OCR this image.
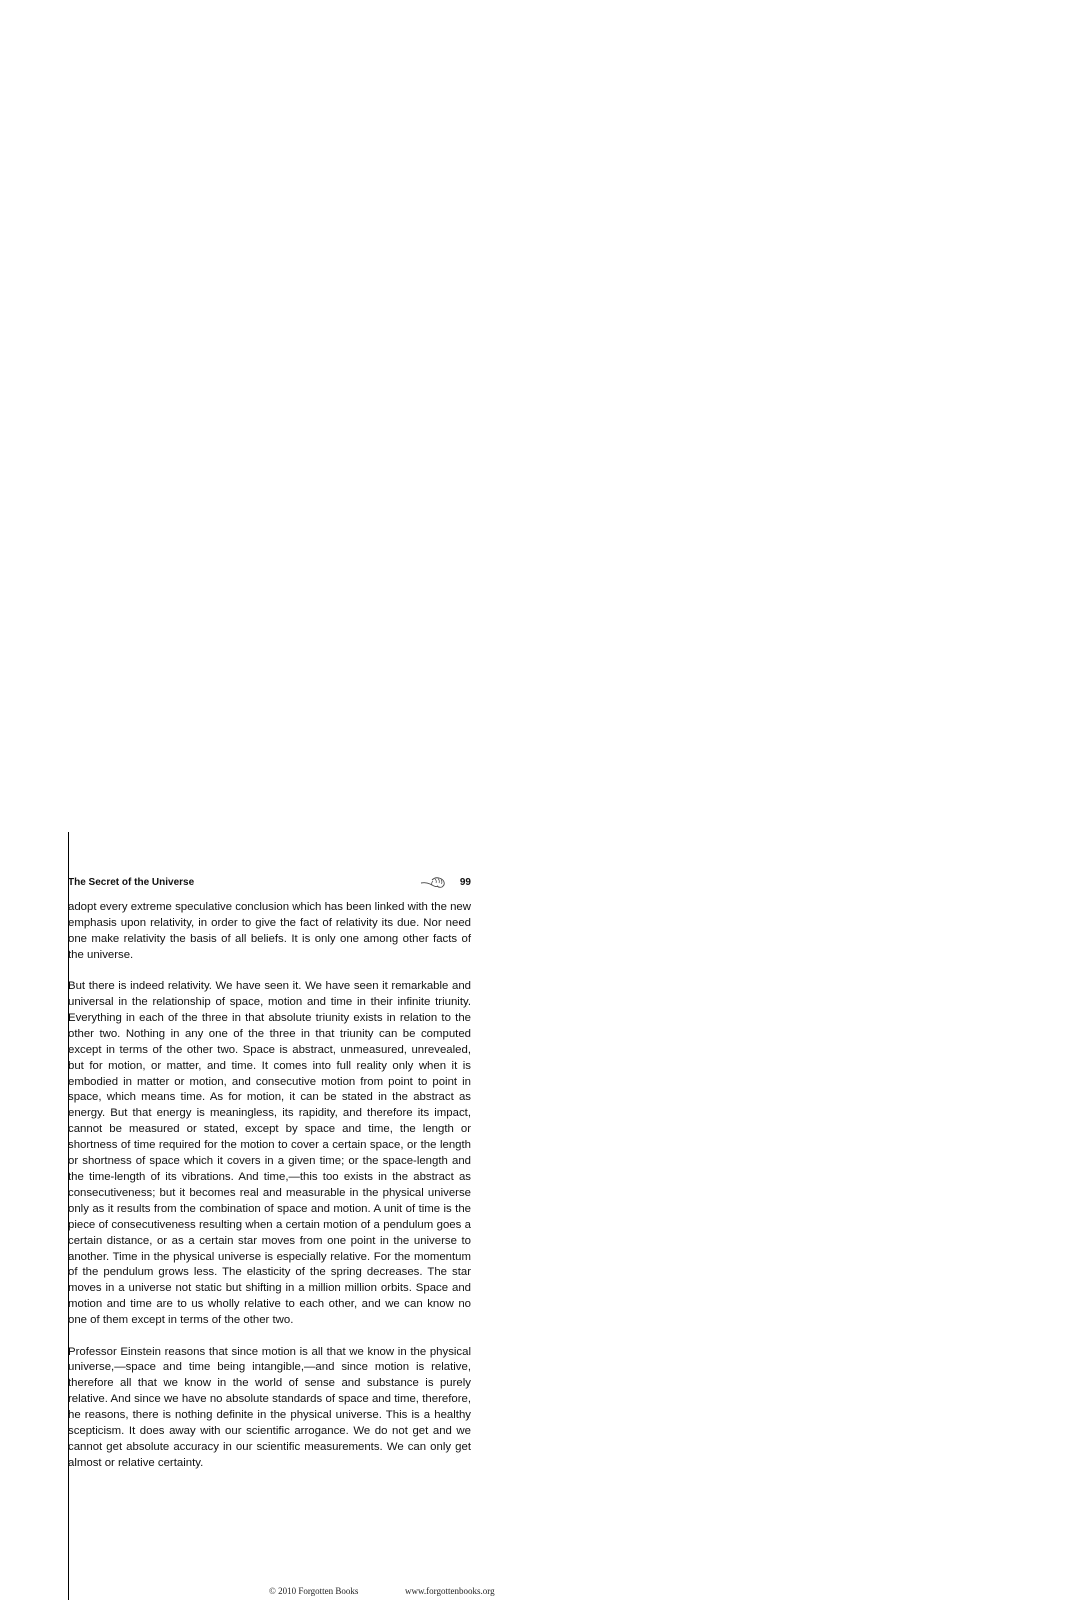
The Secret of the Universe	99

adopt every extreme speculative conclusion which has been linked with the new emphasis upon relativity, in order to give the fact of relativity its due. Nor need one make relativity the basis of all beliefs. It is only one among other facts of the universe.

But there is indeed relativity. We have seen it. We have seen it remarkable and universal in the relationship of space, motion and time in their infinite triunity. Everything in each of the three in that absolute triunity exists in relation to the other two. Nothing in any one of the three in that triunity can be computed except in terms of the other two. Space is abstract, unmeasured, unrevealed, but for motion, or matter, and time. It comes into full reality only when it is embodied in matter or motion, and consecutive motion from point to point in space, which means time. As for motion, it can be stated in the abstract as energy. But that energy is meaningless, its rapidity, and therefore its impact, cannot be measured or stated, except by space and time, the length or shortness of time required for the motion to cover a certain space, or the length or shortness of space which it covers in a given time; or the space-length and the time-length of its vibrations. And time,—this too exists in the abstract as consecutiveness; but it becomes real and measurable in the physical universe only as it results from the combination of space and motion. A unit of time is the piece of consecutiveness resulting when a certain motion of a pendulum goes a certain distance, or as a certain star moves from one point in the universe to another. Time in the physical universe is especially relative. For the momentum of the pendulum grows less. The elasticity of the spring decreases. The star moves in a universe not static but shifting in a million million orbits. Space and motion and time are to us wholly relative to each other, and we can know no one of them except in terms of the other two.

Professor Einstein reasons that since motion is all that we know in the physical universe,—space and time being intangible,—and since motion is relative, therefore all that we know in the world of sense and substance is purely relative. And since we have no absolute standards of space and time, therefore, he reasons, there is nothing definite in the physical universe. This is a healthy scepticism. It does away with our scientific arrogance. We do not get and we cannot get absolute accuracy in our scientific measurements. We can only get almost or relative certainty.

© 2010 Forgotten Books	www.forgottenbooks.org
